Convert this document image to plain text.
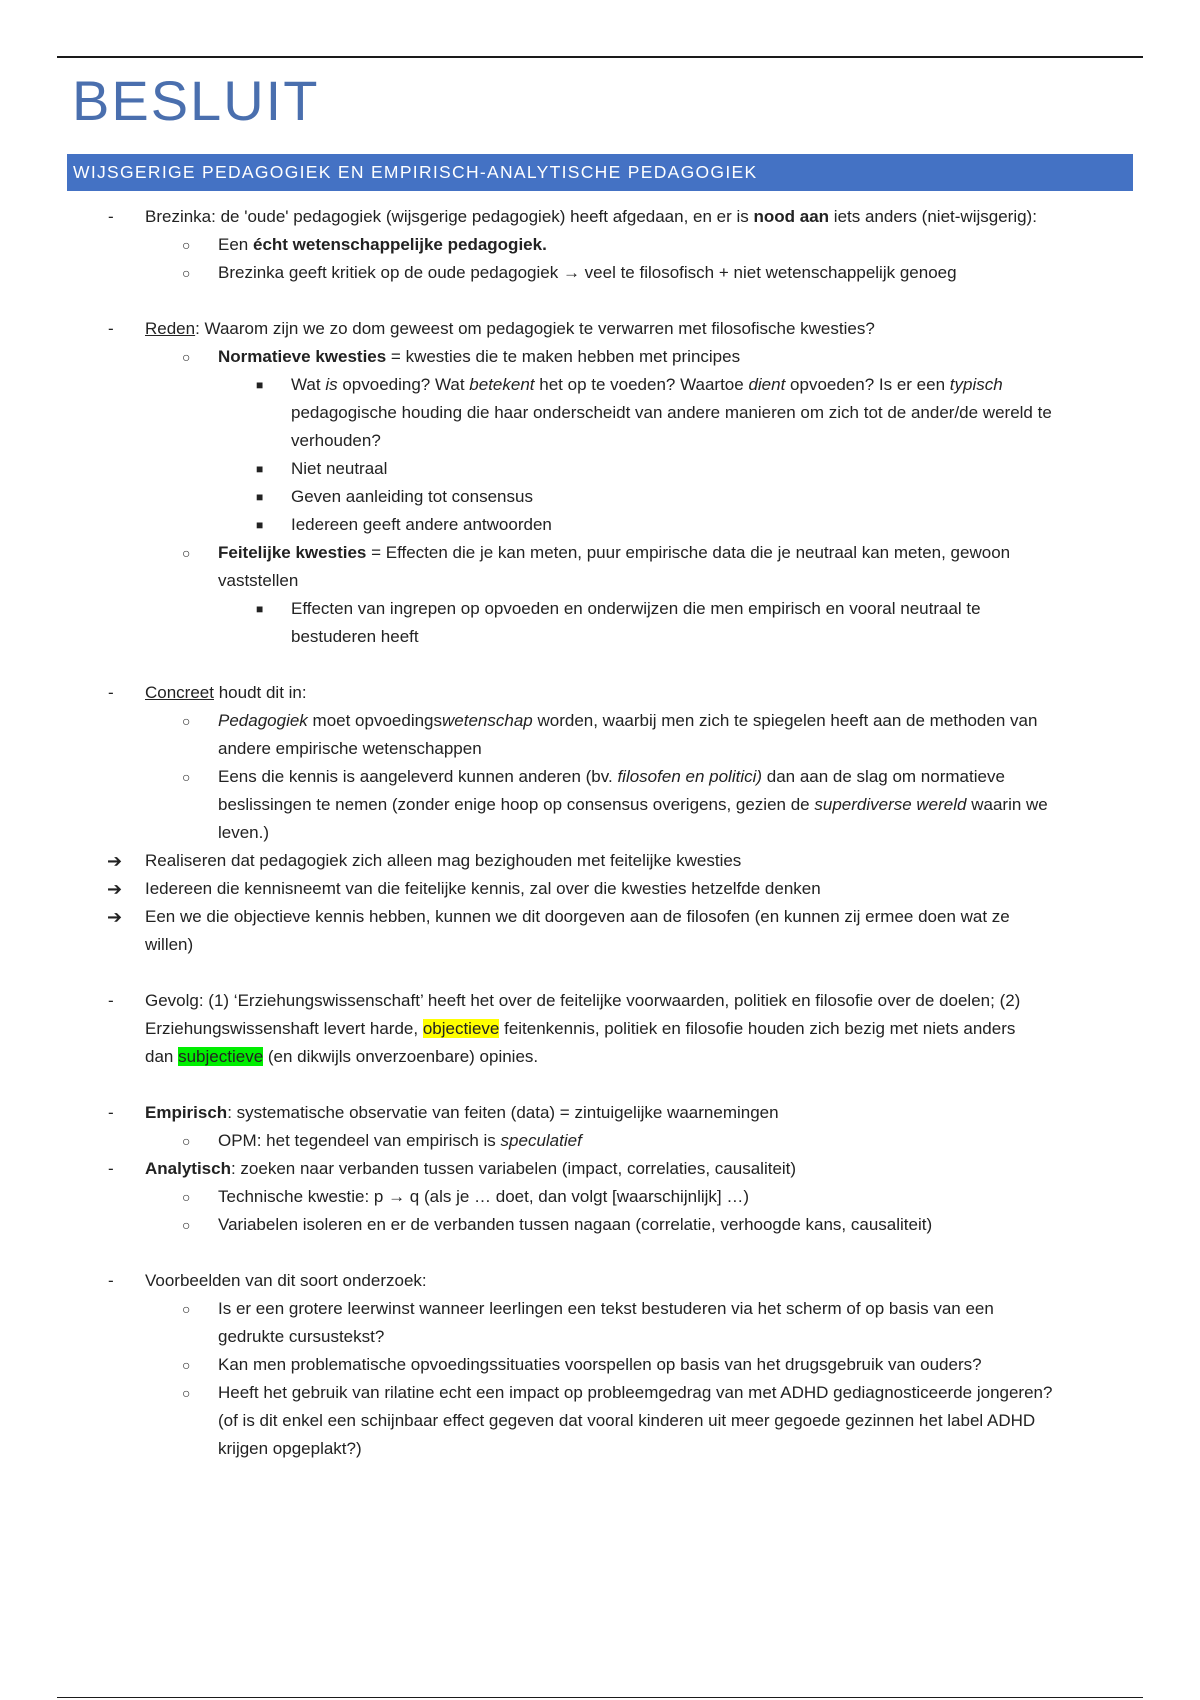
BESLUIT
WIJSGERIGE PEDAGOGIEK EN EMPIRISCH-ANALYTISCHE PEDAGOGIEK
- Brezinka: de 'oude' pedagogiek (wijsgerige pedagogiek) heeft afgedaan, en er is nood aan iets anders (niet-wijsgerig):
○ Een écht wetenschappelijke pedagogiek.
○ Brezinka geeft kritiek op de oude pedagogiek → veel te filosofisch + niet wetenschappelijk genoeg
- Reden: Waarom zijn we zo dom geweest om pedagogiek te verwarren met filosofische kwesties?
○ Normatieve kwesties = kwesties die te maken hebben met principes
■ Wat is opvoeding? Wat betekent het op te voeden? Waartoe dient opvoeden? Is er een typisch
pedagogische houding die haar onderscheidt van andere manieren om zich tot de ander/de wereld te
verhouden?
■ Niet neutraal
■ Geven aanleiding tot consensus
■ Iedereen geeft andere antwoorden
○ Feitelijke kwesties = Effecten die je kan meten, puur empirische data die je neutraal kan meten, gewoon
vaststellen
■ Effecten van ingrepen op opvoeden en onderwijzen die men empirisch en vooral neutraal te
bestuderen heeft
- Concreet houdt dit in:
○ Pedagogiek moet opvoedingswetenschap worden, waarbij men zich te spiegelen heeft aan de methoden van
andere empirische wetenschappen
○ Eens die kennis is aangeleverd kunnen anderen (bv. filosofen en politici) dan aan de slag om normatieve
beslissingen te nemen (zonder enige hoop op consensus overigens, gezien de superdiverse wereld waarin we
leven.)
➔ Realiseren dat pedagogiek zich alleen mag bezighouden met feitelijke kwesties
➔ Iedereen die kennisneemt van die feitelijke kennis, zal over die kwesties hetzelfde denken
➔ Een we die objectieve kennis hebben, kunnen we dit doorgeven aan de filosofen (en kunnen zij ermee doen wat ze
willen)
- Gevolg: (1) ‘Erziehungswissenschaft’ heeft het over de feitelijke voorwaarden, politiek en filosofie over de doelen; (2)
Erziehungswissenshaft levert harde, objectieve feitenkennis, politiek en filosofie houden zich bezig met niets anders
dan subjectieve (en dikwijls onverzoenbare) opinies.
- Empirisch: systematische observatie van feiten (data) = zintuigelijke waarnemingen
○ OPM: het tegendeel van empirisch is speculatief
- Analytisch: zoeken naar verbanden tussen variabelen (impact, correlaties, causaliteit)
○ Technische kwestie: p → q (als je … doet, dan volgt [waarschijnlijk] …)
○ Variabelen isoleren en er de verbanden tussen nagaan (correlatie, verhoogde kans, causaliteit)
- Voorbeelden van dit soort onderzoek:
○ Is er een grotere leerwinst wanneer leerlingen een tekst bestuderen via het scherm of op basis van een
gedrukte cursustekst?
○ Kan men problematische opvoedingssituaties voorspellen op basis van het drugsgebruik van ouders?
○ Heeft het gebruik van rilatine echt een impact op probleemgedrag van met ADHD gediagnosticeerde jongeren?
(of is dit enkel een schijnbaar effect gegeven dat vooral kinderen uit meer gegoede gezinnen het label ADHD
krijgen opgeplakt?)
